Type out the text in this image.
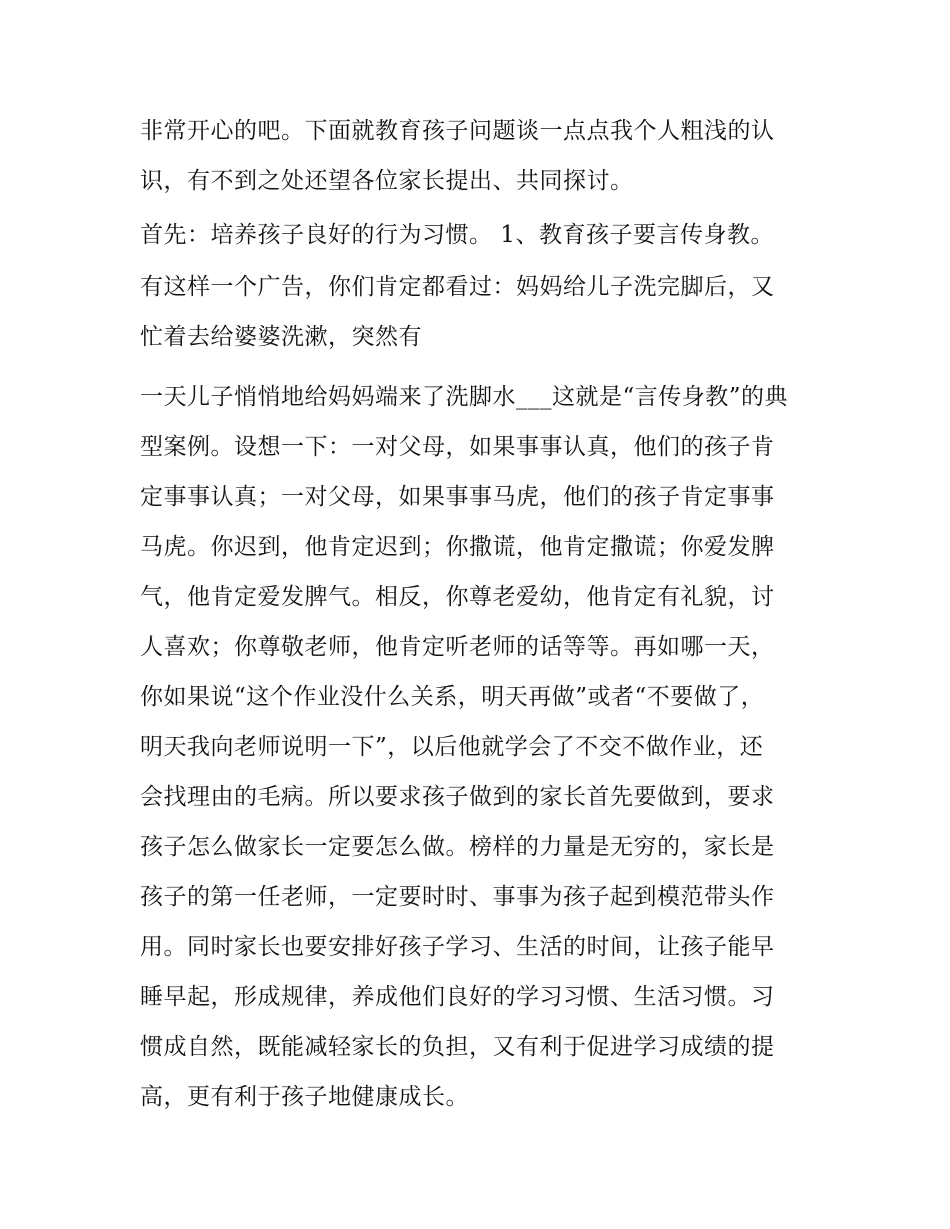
非常开心的吧。下面就教育孩子问题谈一点点我个人粗浅的认
识，有不到之处还望各位家长提出、共同探讨。
首先：培养孩子良好的行为习惯。 1、教育孩子要言传身教。
有这样一个广告，你们肯定都看过：妈妈给儿子洗完脚后，又
忙着去给婆婆洗漱，突然有
一天儿子悄悄地给妈妈端来了洗脚水___这就是“言传身教”的典
型案例。设想一下：一对父母，如果事事认真，他们的孩子肯
定事事认真；一对父母，如果事事马虎，他们的孩子肯定事事
马虎。你迟到，他肯定迟到；你撒谎，他肯定撒谎；你爱发脾
气，他肯定爱发脾气。相反，你尊老爱幼，他肯定有礼貌，讨
人喜欢；你尊敬老师，他肯定听老师的话等等。再如哪一天，
你如果说“这个作业没什么关系，明天再做”或者“不要做了，
明天我向老师说明一下”，以后他就学会了不交不做作业，还
会找理由的毛病。所以要求孩子做到的家长首先要做到，要求
孩子怎么做家长一定要怎么做。榜样的力量是无穷的，家长是
孩子的第一任老师，一定要时时、事事为孩子起到模范带头作
用。同时家长也要安排好孩子学习、生活的时间，让孩子能早
睡早起，形成规律，养成他们良好的学习习惯、生活习惯。习
惯成自然，既能减轻家长的负担，又有利于促进学习成绩的提
高，更有利于孩子地健康成长。
